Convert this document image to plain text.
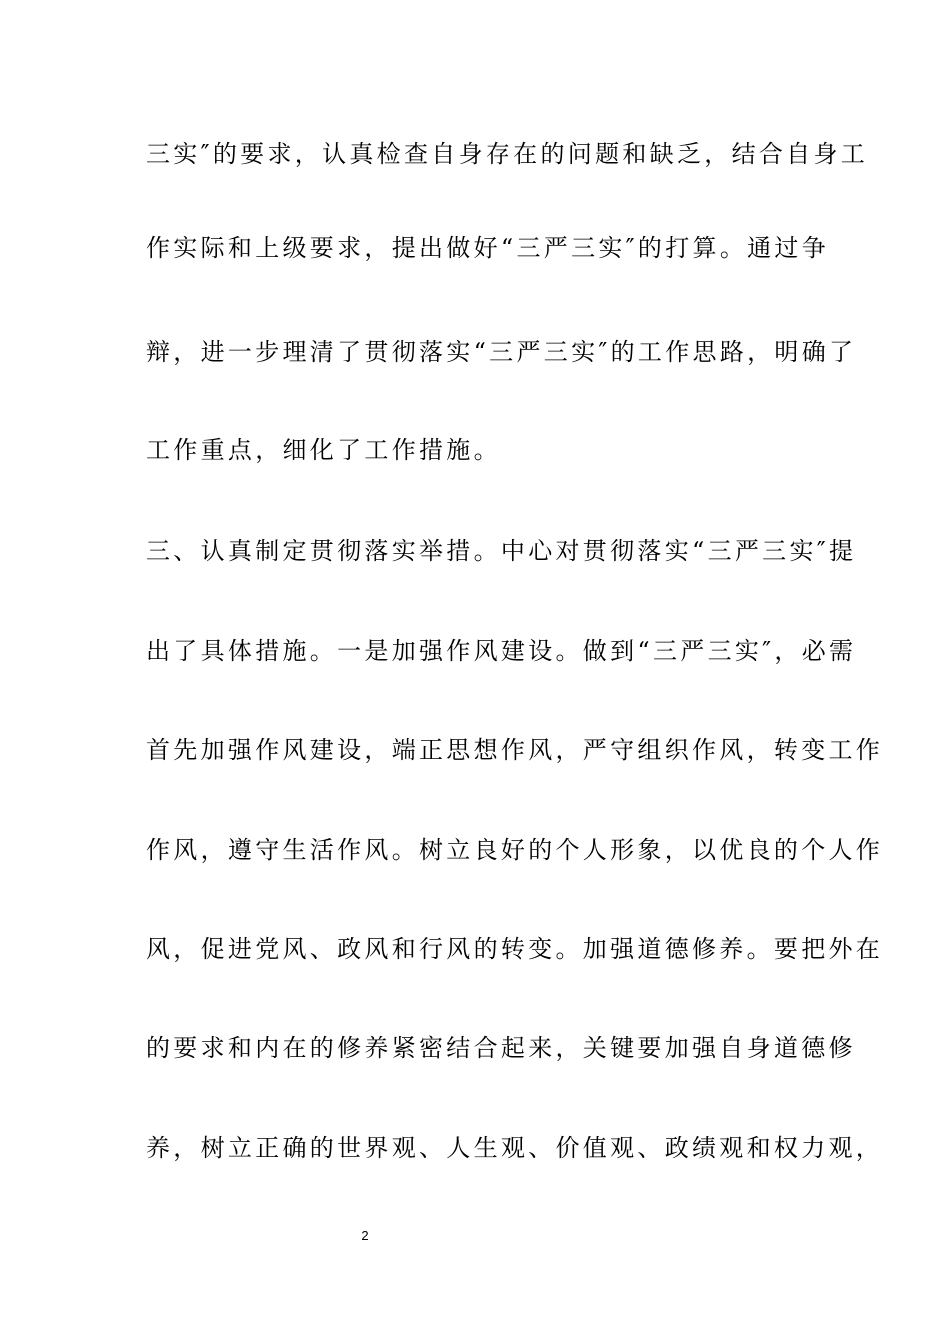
三实″的要求，认真检查自身存在的问题和缺乏，结合自身工
作实际和上级要求，提出做好“三严三实″的打算。通过争
辩，进一步理清了贯彻落实“三严三实″的工作思路，明确了
工作重点，细化了工作措施。
三、认真制定贯彻落实举措。中心对贯彻落实“三严三实″提
出了具体措施。一是加强作风建设。做到“三严三实″，必需
首先加强作风建设，端正思想作风，严守组织作风，转变工作
作风，遵守生活作风。树立良好的个人形象，以优良的个人作
风，促进党风、政风和行风的转变。加强道德修养。要把外在
的要求和内在的修养紧密结合起来，关键要加强自身道德修
养，树立正确的世界观、人生观、价值观、政绩观和权力观，
2
